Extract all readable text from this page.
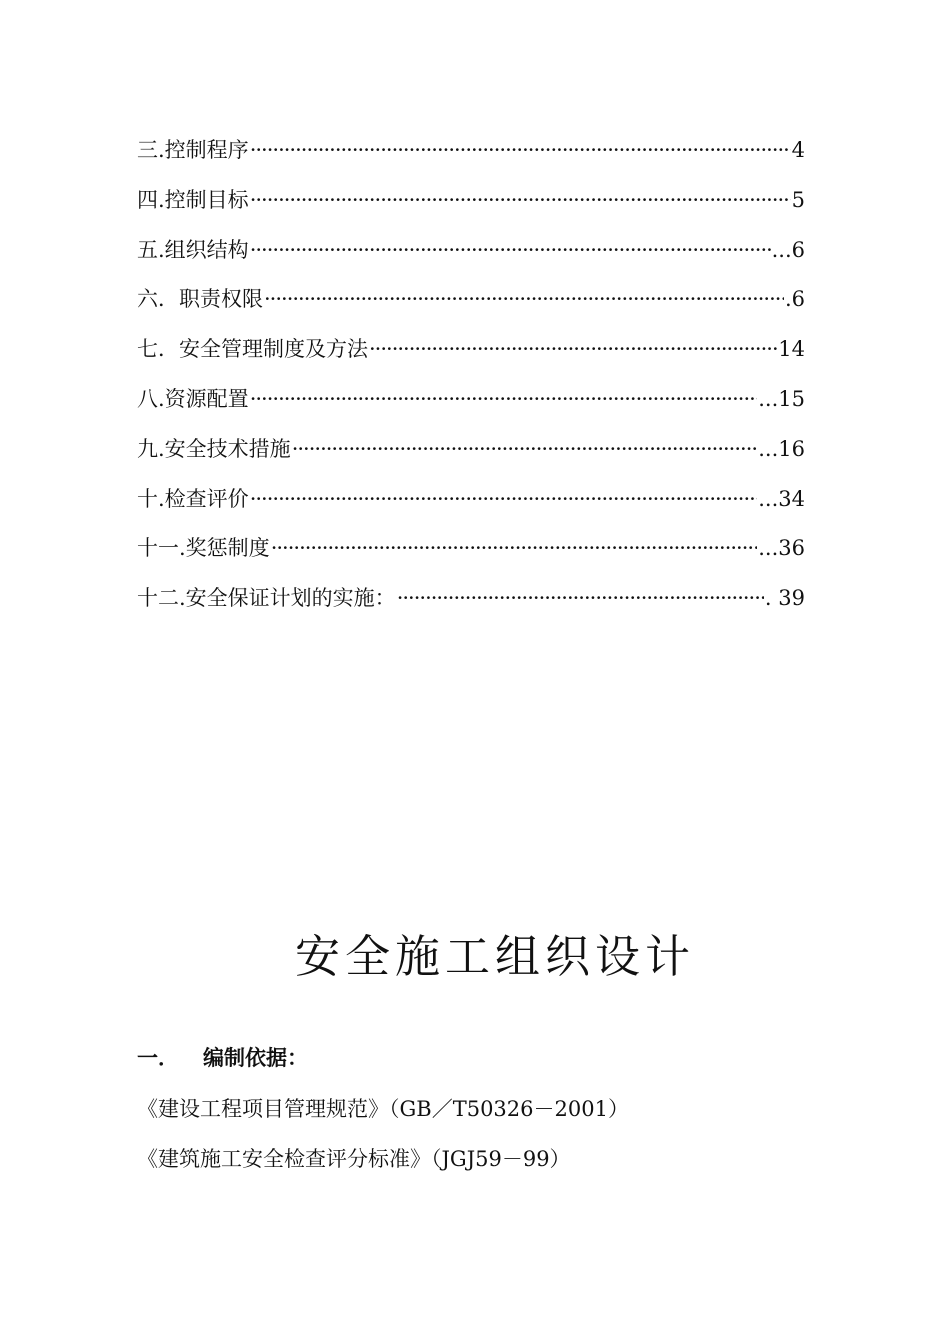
三.控制程序 ·····	4
四.控制目标 ·····	5
五.组织结构 ·····	...6
六．职责权限 ·····	.6
七．安全管理制度及方法 ·····	14
八.资源配置 ·····	...15
九.安全技术措施 ·····	...16
十.检查评价 ·····	...34
十一.奖惩制度 ·····	...36
十二.安全保证计划的实施： ·····	. 39
安全施工组织设计
一． 编制依据：
《建设工程项目管理规范》（GB／T50326－2001）
《建筑施工安全检查评分标准》（JGJ59－99）
